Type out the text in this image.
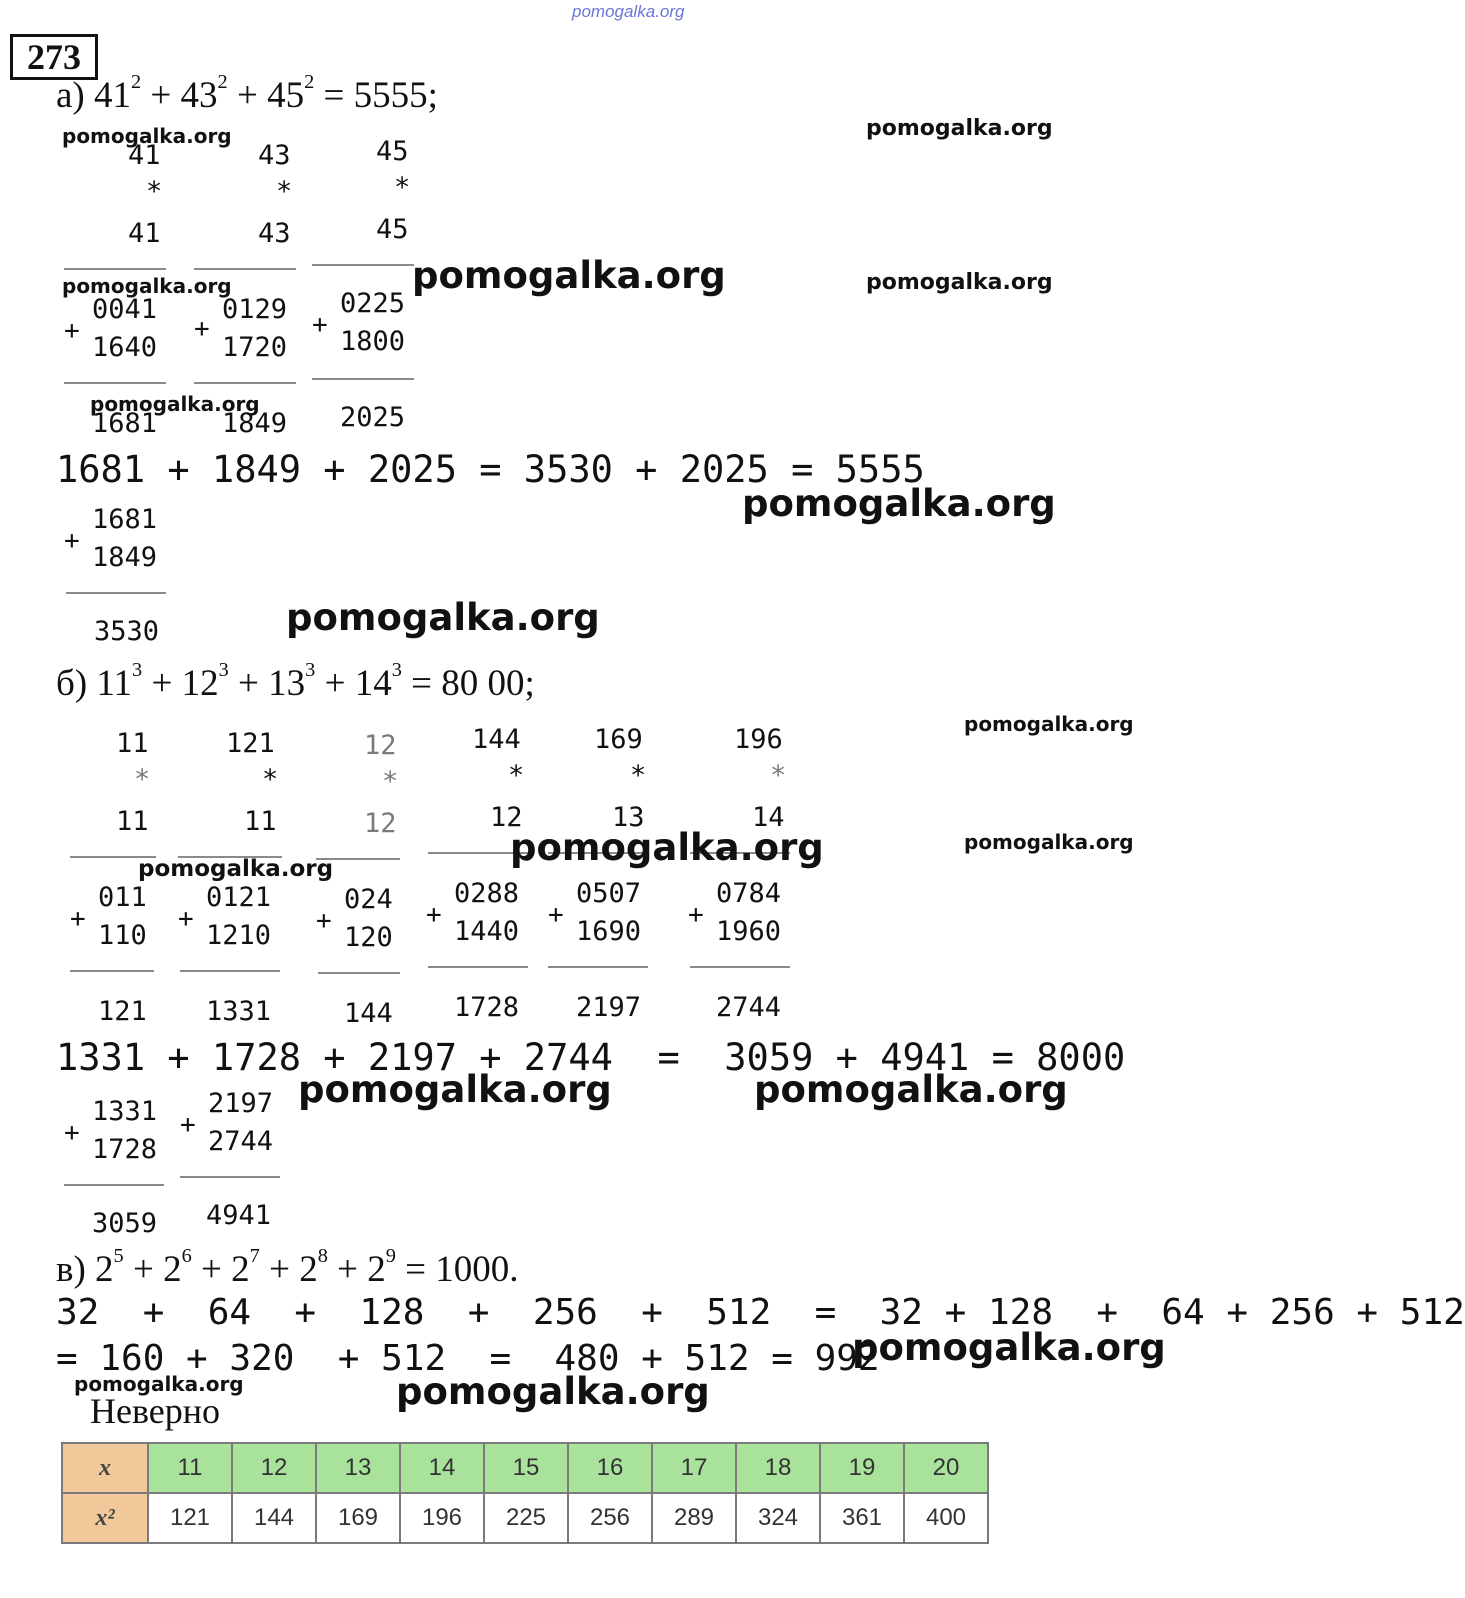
pomogalka.org
273
а) $41^2 + 43^2 + 45^2 = 5555$;
41
*
41
+
0041
1640
1681
43
*
43
+
0129
1720
1849
45
*
45
+
0225
1800
2025
1681 + 1849 + 2025 = 3530 + 2025 = 5555
+
1681
1849
3530
б) $11^3 + 12^3 + 13^3 + 14^3 = 80$ 00;
11
*
11
+
011
110
121
121
*
11
+
0121
1210
1331
12
*
12
+
024
120
144
144
*
12
+
0288
1440
1728
169
*
13
+
0507
1690
2197
196
*
14
+
0784
1960
2744
1331 + 1728 + 2197 + 2744  =  3059 + 4941 = 8000
+
1331
1728
3059
+
2197
2744
4941
в) $2^5 + 2^6 + 2^7 + 2^8 + 2^9 = 1000$.
32  +  64  +  128  +  256  +  512  =  32 + 128  +  64 + 256 + 512
= 160 + 320  + 512  =  480 + 512 = 992
Неверно
x	11	12	13	14	15	16	17	18	19	20
x²	121	144	169	196	225	256	289	324	361	400
pomogalka.org	pomogalka.org
pomogalka.org	pomogalka.org	pomogalka.org
pomogalka.org
pomogalka.org
pomogalka.org
pomogalka.org
pomogalka.org	pomogalka.org
pomogalka.org
pomogalka.org	pomogalka.org
pomogalka.org
pomogalka.org	pomogalka.org
